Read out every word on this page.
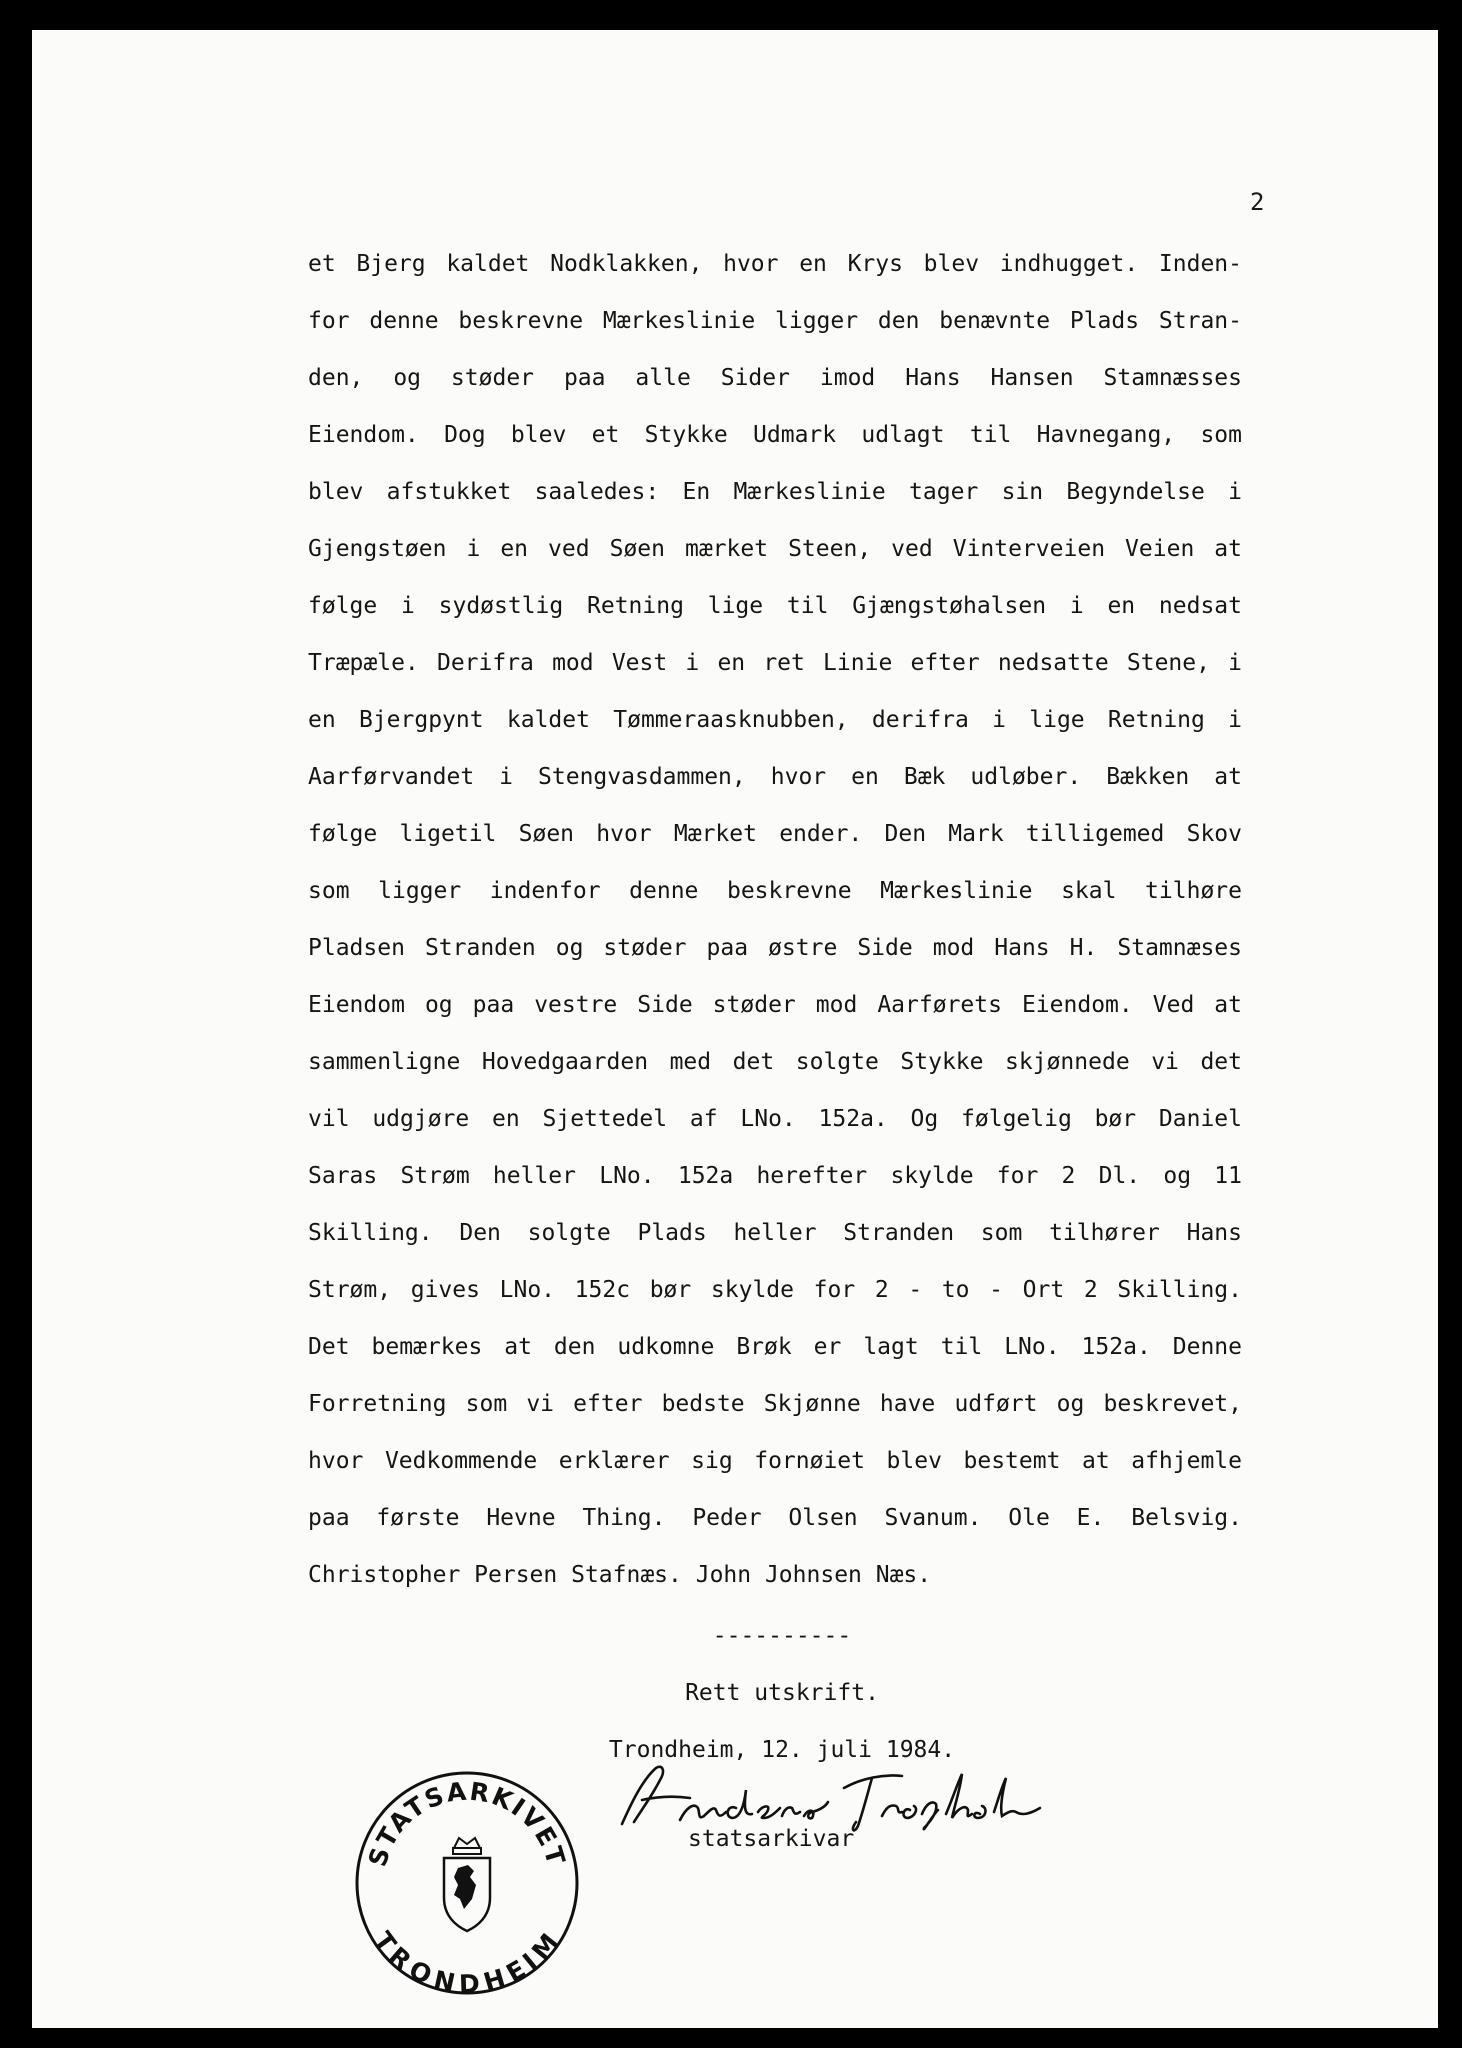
2

et Bjerg kaldet Nodklakken, hvor en Krys blev indhugget. Inden-
for denne beskrevne Mærkeslinie ligger den benævnte Plads Stran-
den, og støder paa alle Sider imod Hans Hansen Stamnæsses
Eiendom. Dog blev et Stykke Udmark udlagt til Havnegang, som
blev afstukket saaledes: En Mærkeslinie tager sin Begyndelse i
Gjengstøen i en ved Søen mærket Steen, ved Vinterveien Veien at
følge i sydøstlig Retning lige til Gjængstøhalsen i en nedsat
Træpæle. Derifra mod Vest i en ret Linie efter nedsatte Stene, i
en Bjergpynt kaldet Tømmeraasknubben, derifra i lige Retning i
Aarførvandet i Stengvasdammen, hvor en Bæk udløber. Bækken at
følge ligetil Søen hvor Mærket ender. Den Mark tilligemed Skov
som ligger indenfor denne beskrevne Mærkeslinie skal tilhøre
Pladsen Stranden og støder paa østre Side mod Hans H. Stamnæses
Eiendom og paa vestre Side støder mod Aarførets Eiendom. Ved at
sammenligne Hovedgaarden med det solgte Stykke skjønnede vi det
vil udgjøre en Sjettedel af LNo. 152a. Og følgelig bør Daniel
Saras Strøm heller LNo. 152a herefter skylde for 2 Dl. og 11
Skilling. Den solgte Plads heller Stranden som tilhører Hans
Strøm, gives LNo. 152c bør skylde for 2 - to - Ort 2 Skilling.
Det bemærkes at den udkomne Brøk er lagt til LNo. 152a. Denne
Forretning som vi efter bedste Skjønne have udført og beskrevet,
hvor Vedkommende erklærer sig fornøiet blev bestemt at afhjemle
paa første Hevne Thing. Peder Olsen Svanum. Ole E. Belsvig.
Christopher Persen Stafnæs. John Johnsen Næs.
----------
Rett utskrift.
Trondheim, 12. juli 1984.
STATSARKIVET
TRONDHEIM

statsarkivar
